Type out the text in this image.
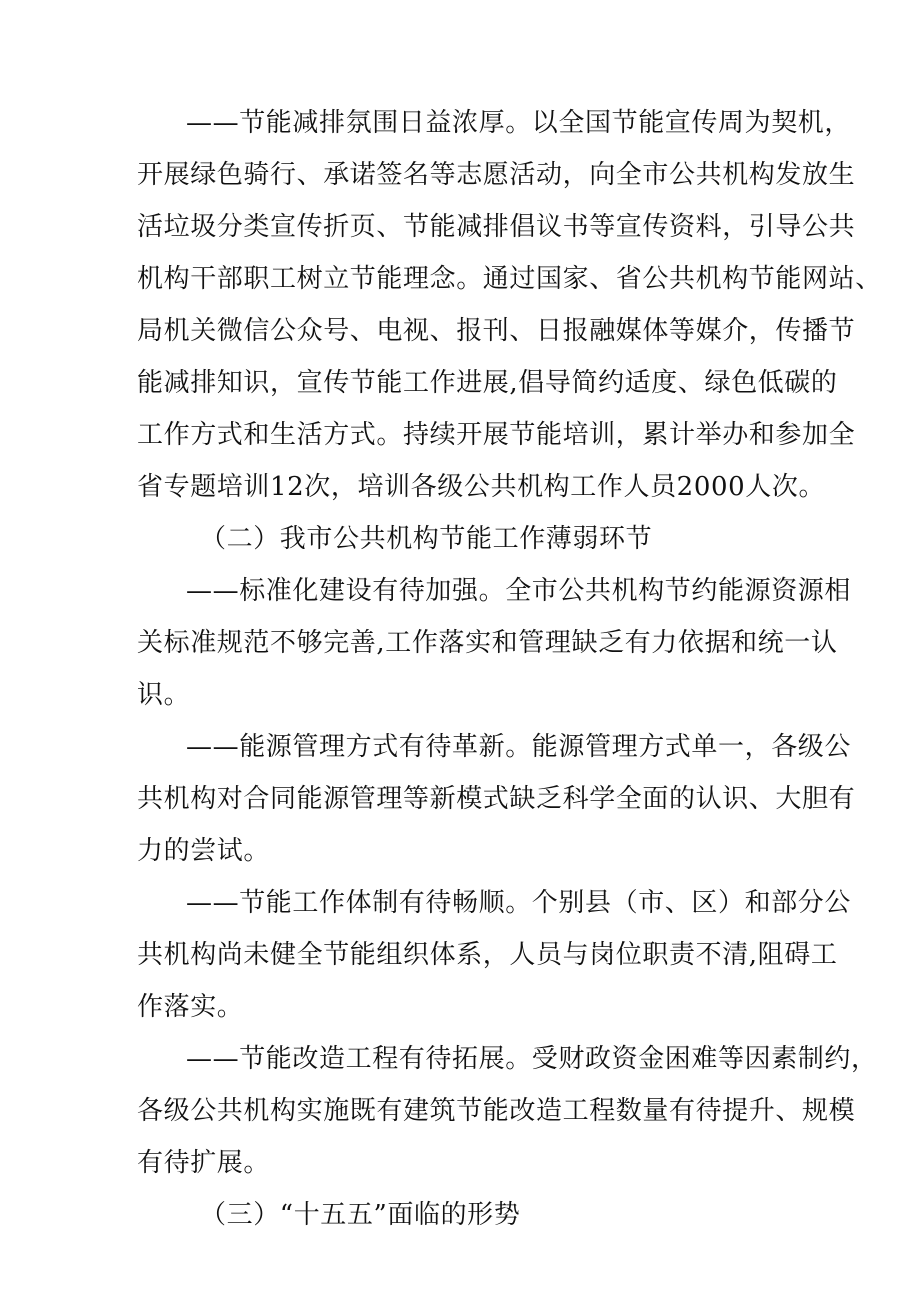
——节能减排氛围日益浓厚。以全国节能宣传周为契机，
开展绿色骑行、承诺签名等志愿活动，向全市公共机构发放生
活垃圾分类宣传折页、节能减排倡议书等宣传资料，引导公共
机构干部职工树立节能理念。通过国家、省公共机构节能网站、
局机关微信公众号、电视、报刊、日报融媒体等媒介，传播节
能减排知识，宣传节能工作进展,倡导简约适度、绿色低碳的
工作方式和生活方式。持续开展节能培训，累计举办和参加全
省专题培训12次，培训各级公共机构工作人员2000人次。
（二）我市公共机构节能工作薄弱环节
——标准化建设有待加强。全市公共机构节约能源资源相
关标准规范不够完善,工作落实和管理缺乏有力依据和统一认
识。
——能源管理方式有待革新。能源管理方式单一，各级公
共机构对合同能源管理等新模式缺乏科学全面的认识、大胆有
力的尝试。
——节能工作体制有待畅顺。个别县（市、区）和部分公
共机构尚未健全节能组织体系，人员与岗位职责不清,阻碍工
作落实。
——节能改造工程有待拓展。受财政资金困难等因素制约，
各级公共机构实施既有建筑节能改造工程数量有待提升、规模
有待扩展。
（三）“十五五”面临的形势
